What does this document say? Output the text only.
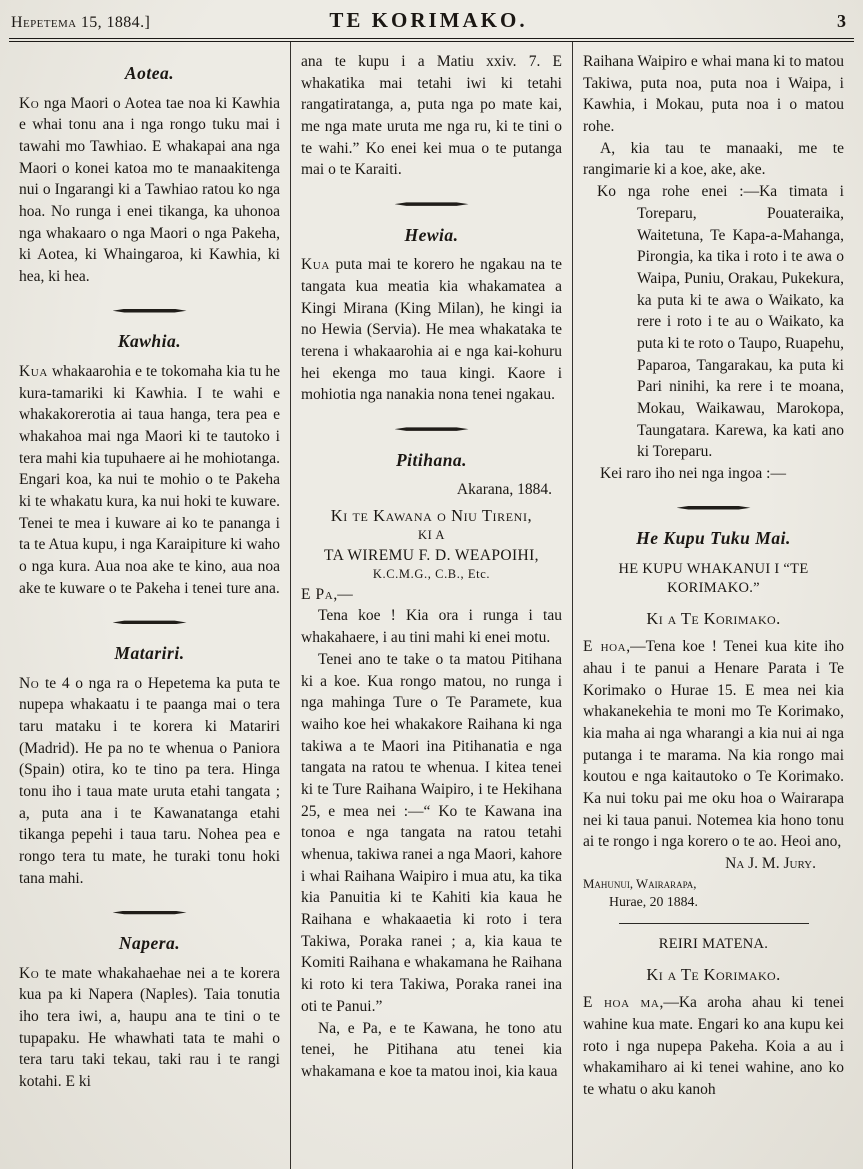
Hepetema 15, 1884.]	TE KORIMAKO.	3

Aotea.

Ko nga Maori o Aotea tae noa ki Kawhia e whai tonu ana i nga rongo tuku mai i tawahi mo Tawhiao. E whakapai ana nga Maori o konei katoa mo te manaakitenga nui o Ingarangi ki a Tawhiao ratou ko nga hoa. No runga i enei tikanga, ka uhonoa nga whakaaro o nga Maori o nga Pakeha, ki Aotea, ki Whaingaroa, ki Kawhia, ki hea, ki hea.

Kawhia.

Kua whakaarohia e te tokomaha kia tu he kura-tamariki ki Kawhia. I te wahi e whakakorerotia ai taua hanga, tera pea e whakahoa mai nga Maori ki te tautoko i tera mahi kia tupuhaere ai he mohiotanga. Engari koa, ka nui te mohio o te Pakeha ki te whakatu kura, ka nui hoki te kuware. Tenei te mea i kuware ai ko te pananga i ta te Atua kupu, i nga Karaipiture ki waho o nga kura. Aua noa ake te kino, aua noa ake te kuware o te Pakeha i tenei ture ana.

Matariri.

No te 4 o nga ra o Hepetema ka puta te nupepa whakaatu i te paanga mai o tera taru mataku i te korera ki Matariri (Madrid). He pa no te whenua o Paniora (Spain) otira, ko te tino pa tera. Hinga tonu iho i taua mate uruta etahi tangata ; a, puta ana i te Kawanatanga etahi tikanga pepehi i taua taru. Nohea pea e rongo tera tu mate, he turaki tonu hoki tana mahi.

Napera.

Ko te mate whakahaehae nei a te korera kua pa ki Napera (Naples). Taia tonutia iho tera iwi, a, haupu ana te tini o te tupapaku. He whawhati tata te mahi o tera taru taki tekau, taki rau i te rangi kotahi. E ki

ana te kupu i a Matiu xxiv. 7. E whakatika mai tetahi iwi ki tetahi rangatiratanga, a, puta nga po mate kai, me nga mate uruta me nga ru, ki te tini o te wahi.” Ko enei kei mua o te putanga mai o te Karaiti.

Hewia.

Kua puta mai te korero he ngakau na te tangata kua meatia kia whakamatea a Kingi Mirana (King Milan), he kingi ia no Hewia (Servia). He mea whakataka te terena i whakaarohia ai e nga kai-kohuru hei ekenga mo taua kingi. Kaore i mohiotia nga nanakia nona tenei ngakau.

Pitihana.

Akarana, 1884.

Ki te Kawana o Niu Tireni,

KI A

TA WIREMU F. D. WEAPOIHI,

K.C.M.G., C.B., Etc.

E Pa,—

Tena koe ! Kia ora i runga i tau whakahaere, i au tini mahi ki enei motu.

Tenei ano te take o ta matou Pitihana ki a koe. Kua rongo matou, no runga i nga mahinga Ture o Te Paramete, kua waiho koe hei whakakore Raihana ki nga takiwa a te Maori ina Pitihanatia e nga tangata na ratou te whenua. I kitea tenei ki te Ture Raihana Waipiro, i te Hekihana 25, e mea nei :—“ Ko te Kawana ina tonoa e nga tangata na ratou tetahi whenua, takiwa ranei a nga Maori, kahore i whai Raihana Waipiro i mua atu, ka tika kia Panuitia ki te Kahiti kia kaua he Raihana e whakaaetia ki roto i tera Takiwa, Poraka ranei ; a, kia kaua te Komiti Raihana e whakamana he Raihana ki roto ki tera Takiwa, Poraka ranei ina oti te Panui.”

Na, e Pa, e te Kawana, he tono atu tenei, he Pitihana atu tenei kia whakamana e koe ta matou inoi, kia kaua

Raihana Waipiro e whai mana ki to matou Takiwa, puta noa, puta noa i Waipa, i Kawhia, i Mokau, puta noa i o matou rohe.

A, kia tau te manaaki, me te rangimarie ki a koe, ake, ake.

Ko nga rohe enei :—Ka timata i Toreparu, Pouateraika, Waitetuna, Te Kapa-a-Mahanga, Pirongia, ka tika i roto i te awa o Waipa, Puniu, Orakau, Pukekura, ka puta ki te awa o Waikato, ka rere i roto i te au o Waikato, ka puta ki te roto o Taupo, Ruapehu, Paparoa, Tangarakau, ka puta ki Pari ninihi, ka rere i te moana, Mokau, Waikawau, Marokopa, Taungatara. Karewa, ka kati ano ki Toreparu.

Kei raro iho nei nga ingoa :—

He Kupu Tuku Mai.

HE KUPU WHAKANUI I “TE KORIMAKO.”

Ki a Te Korimako.

E hoa,—Tena koe ! Tenei kua kite iho ahau i te panui a Henare Parata i Te Korimako o Hurae 15. E mea nei kia whakanekehia te moni mo Te Korimako, kia maha ai nga wharangi a kia nui ai nga putanga i te marama. Na kia rongo mai koutou e nga kaitautoko o Te Korimako. Ka nui toku pai me oku hoa o Wairarapa nei ki taua panui. Notemea kia hono tonu ai te rongo i nga korero o te ao. Heoi ano,

Na J. M. Jury.

Mahunui, Wairarapa,

Hurae, 20 1884.

REIRI MATENA.

Ki a Te Korimako.

E hoa ma,—Ka aroha ahau ki tenei wahine kua mate. Engari ko ana kupu kei roto i nga nupepa Pakeha. Koia a au i whakamiharo ai ki tenei wahine, ano ko te whatu o aku kanoh
